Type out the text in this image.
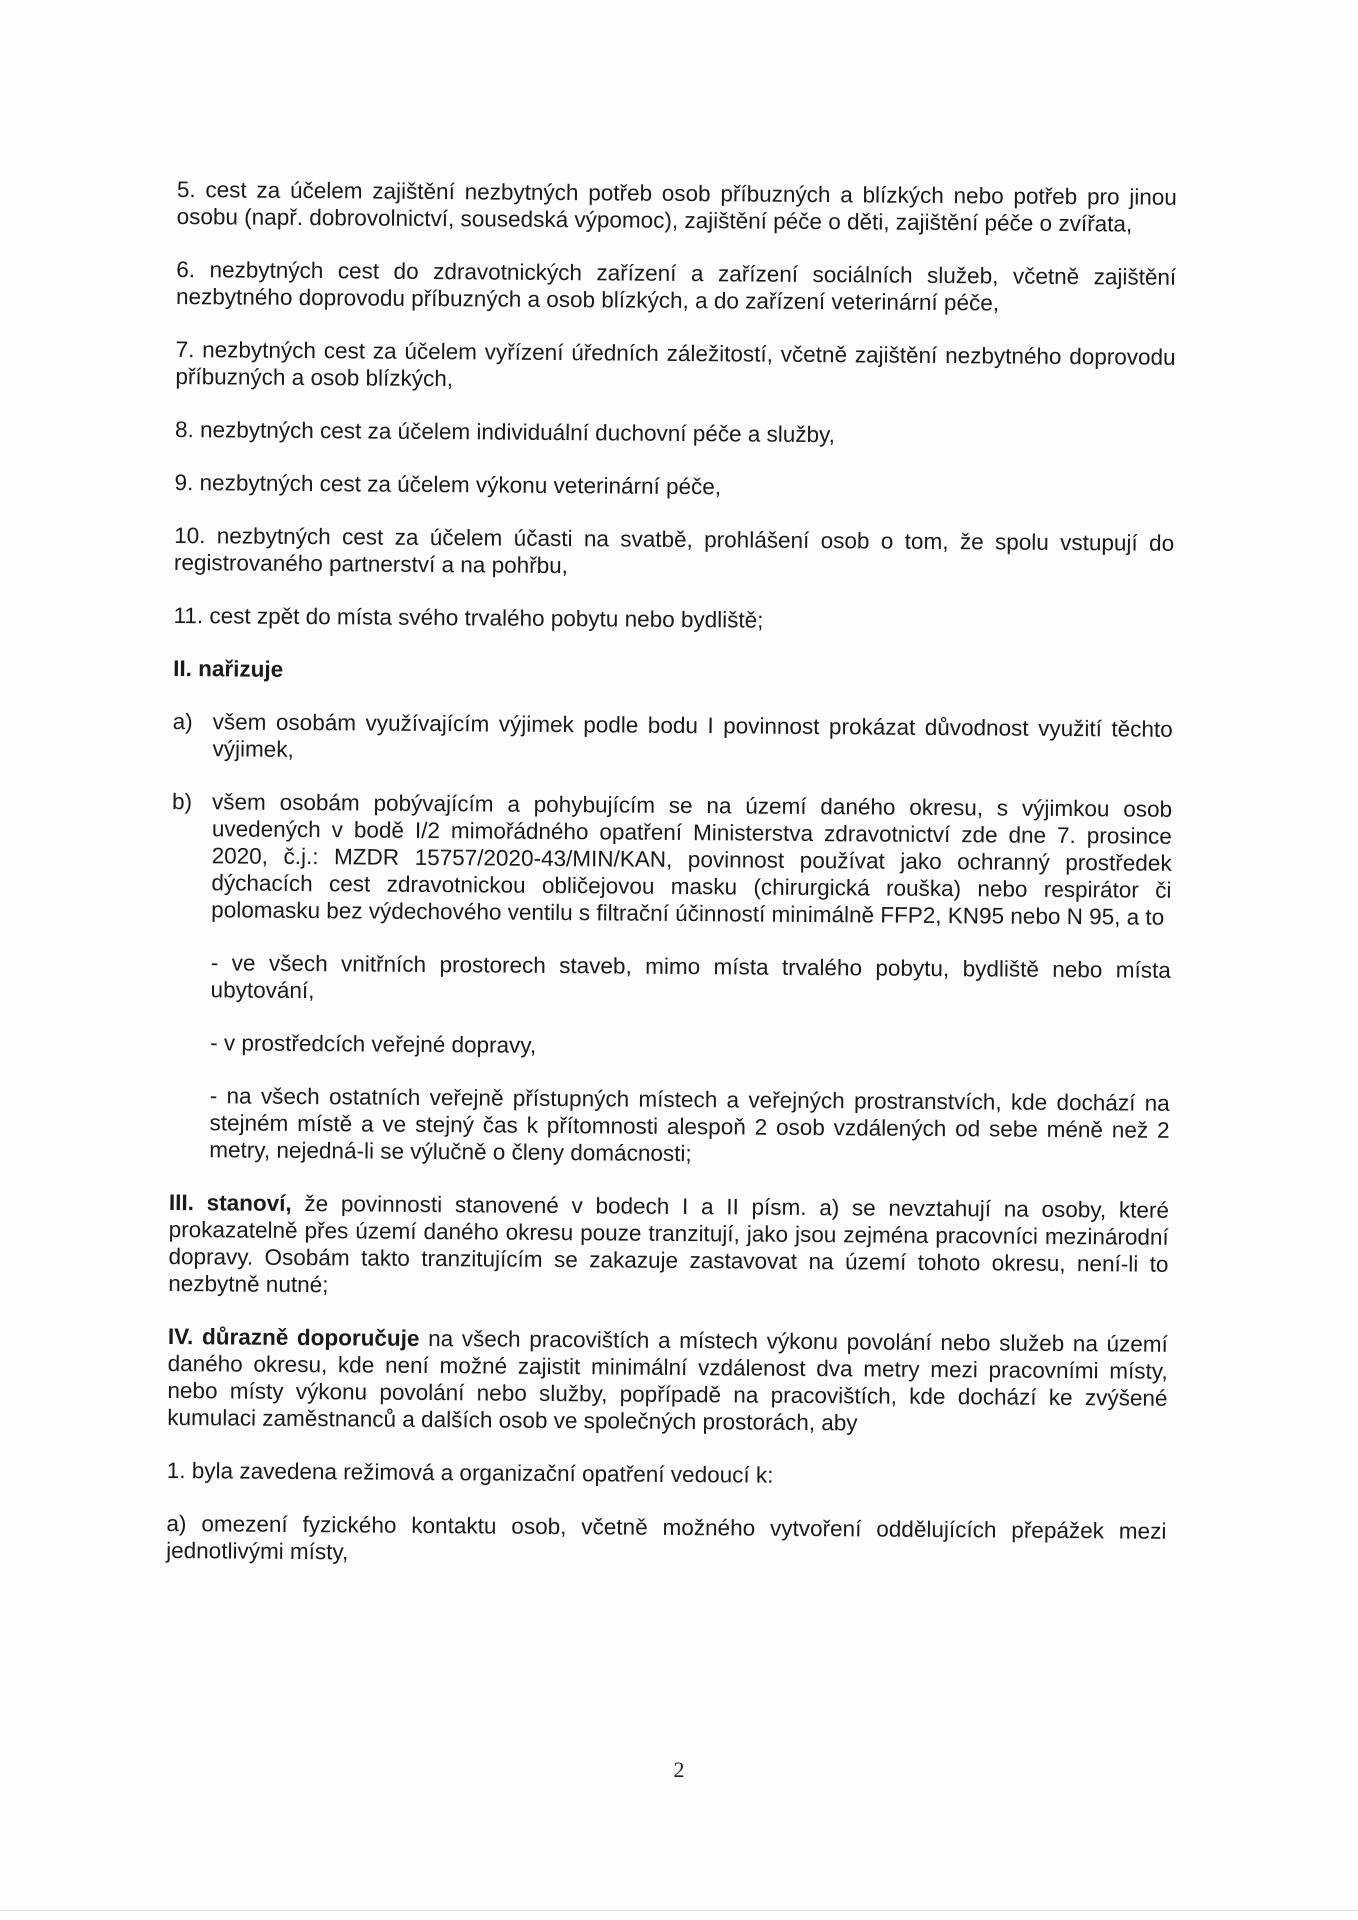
5. cest za účelem zajištění nezbytných potřeb osob příbuzných a blízkých nebo potřeb pro jinou osobu (např. dobrovolnictví, sousedská výpomoc), zajištění péče o děti, zajištění péče o zvířata,

6. nezbytných cest do zdravotnických zařízení a zařízení sociálních služeb, včetně zajištění nezbytného doprovodu příbuzných a osob blízkých, a do zařízení veterinární péče,

7. nezbytných cest za účelem vyřízení úředních záležitostí, včetně zajištění nezbytného doprovodu příbuzných a osob blízkých,

8. nezbytných cest za účelem individuální duchovní péče a služby,

9. nezbytných cest za účelem výkonu veterinární péče,

10. nezbytných cest za účelem účasti na svatbě, prohlášení osob o tom, že spolu vstupují do registrovaného partnerství a na pohřbu,

11. cest zpět do místa svého trvalého pobytu nebo bydliště;

II. nařizuje

a) všem osobám využívajícím výjimek podle bodu I povinnost prokázat důvodnost využití těchto výjimek,
b) všem osobám pobývajícím a pohybujícím se na území daného okresu, s výjimkou osob uvedených v bodě I/2 mimořádného opatření Ministerstva zdravotnictví zde dne 7. prosince 2020, č.j.: MZDR 15757/2020-43/MIN/KAN, povinnost používat jako ochranný prostředek dýchacích cest zdravotnickou obličejovou masku (chirurgická rouška) nebo respirátor či polomasku bez výdechového ventilu s filtrační účinností minimálně FFP2, KN95 nebo N 95, a to

- ve všech vnitřních prostorech staveb, mimo místa trvalého pobytu, bydliště nebo místa ubytování,

- v prostředcích veřejné dopravy,

- na všech ostatních veřejně přístupných místech a veřejných prostranstvích, kde dochází na stejném místě a ve stejný čas k přítomnosti alespoň 2 osob vzdálených od sebe méně než 2 metry, nejedná-li se výlučně o členy domácnosti;

III. stanoví, že povinnosti stanovené v bodech I a II písm. a) se nevztahují na osoby, které prokazatelně přes území daného okresu pouze tranzitují, jako jsou zejména pracovníci mezinárodní dopravy. Osobám takto tranzitujícím se zakazuje zastavovat na území tohoto okresu, není-li to nezbytně nutné;

IV. důrazně doporučuje na všech pracovištích a místech výkonu povolání nebo služeb na území daného okresu, kde není možné zajistit minimální vzdálenost dva metry mezi pracovními místy, nebo místy výkonu povolání nebo služby, popřípadě na pracovištích, kde dochází ke zvýšené kumulaci zaměstnanců a dalších osob ve společných prostorách, aby

1. byla zavedena režimová a organizační opatření vedoucí k:

a) omezení fyzického kontaktu osob, včetně možného vytvoření oddělujících přepážek mezi jednotlivými místy,

2
